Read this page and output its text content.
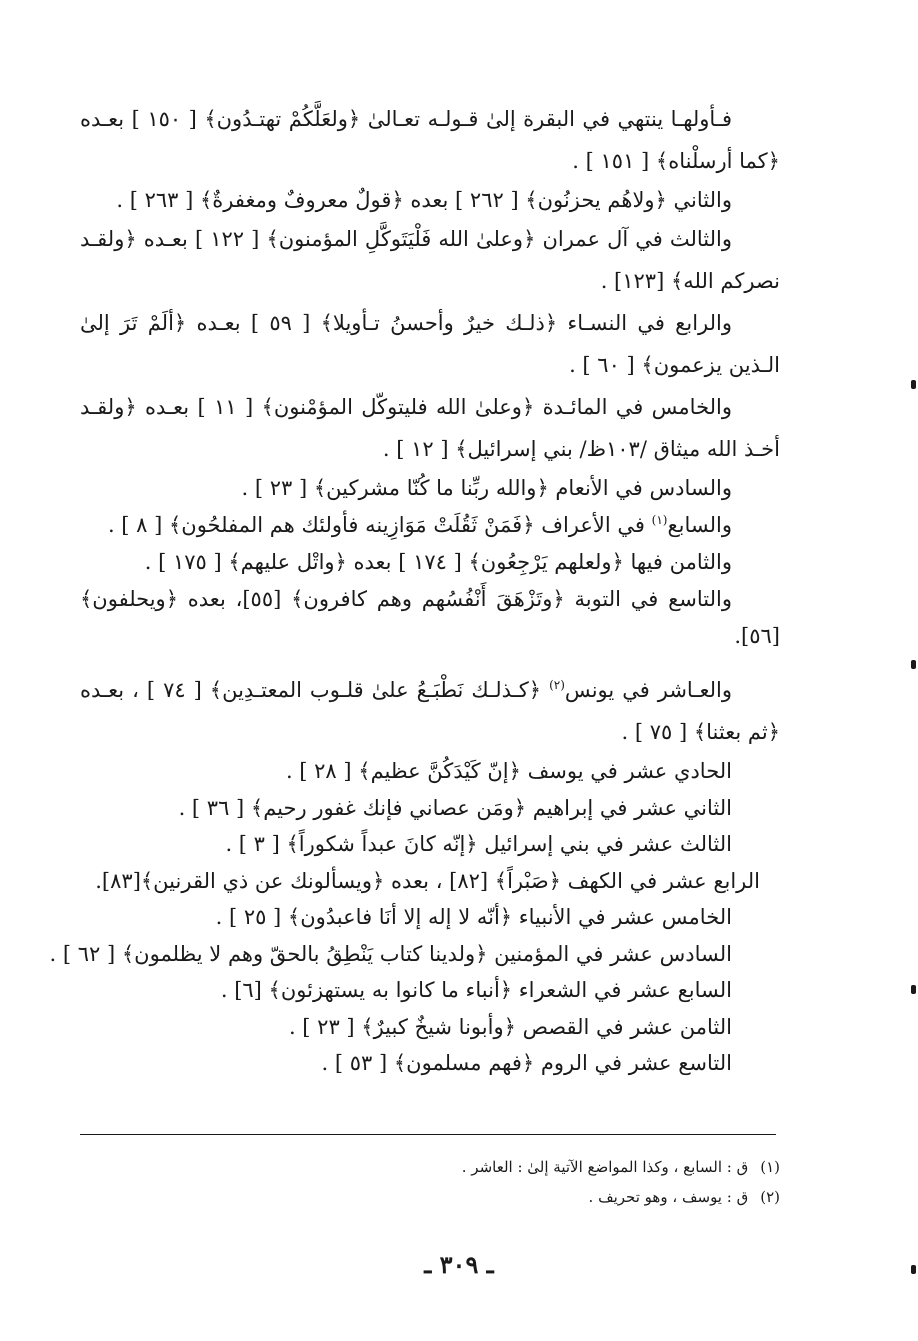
فـأولهـا ينتهي في البقرة إلىٰ قـولـه تعـالىٰ ﴿ولعَلَّكُمْ تهتـدُون﴾ [ ١٥٠ ] بعـده ﴿كما أرسلْناه﴾ [ ١٥١ ] .

والثاني ﴿ولاهُم يحزنُون﴾ [ ٢٦٢ ] بعده ﴿قولٌ معروفٌ ومغفرةٌ﴾ [ ٢٦٣ ] .

والثالث في آل عمران ﴿وعلىٰ الله فَلْيَتَوكَّلِ المؤمنون﴾ [ ١٢٢ ] بعـده ﴿ولقـد نصركم الله﴾ [١٢٣] .

والرابع في النسـاء ﴿ذلـك خيرٌ وأحسنُ تـأويلا﴾ [ ٥٩ ] بعـده ﴿ألَمْ تَرَ إلىٰ الـذين يزعمون﴾ [ ٦٠ ] .

والخامس في المائـدة ﴿وعلىٰ الله فليتوكّل المؤمْنون﴾ [ ١١ ] بعـده ﴿ولقـد أخـذ الله ميثاق /١٠٣ظ/ بني إسرائيل﴾ [ ١٢ ] .

والسادس في الأنعام ﴿والله ربِّنا ما كُنّا مشركين﴾ [ ٢٣ ] .

والسابع$^{(١)}$ في الأعراف ﴿فَمَنْ ثَقُلَتْ مَوَازِينه فأولئك هم المفلحُون﴾ [ ٨ ] .

والثامن فيها ﴿ولعلهم يَرْجِعُون﴾ [ ١٧٤ ] بعده ﴿واتْل عليهم﴾ [ ١٧٥ ] .

والتاسع في التوبة ﴿وتَزْهَقَ أَنْفُسُهم وهم كافرون﴾ [٥٥]، بعده ﴿ويحلفون﴾ [٥٦].

والعـاشر في يونس$^{(٢)}$ ﴿كـذلـك نَطْبَـعُ علىٰ قلـوب المعتـدِين﴾ [ ٧٤ ] ، بعـده ﴿ثم بعثنا﴾ [ ٧٥ ] .

الحادي عشر في يوسف ﴿إنّ كَيْدَكُنَّ عظيم﴾ [ ٢٨ ] .
الثاني عشر في إبراهيم ﴿ومَن عصاني فإنك غفور رحيم﴾ [ ٣٦ ] .
الثالث عشر في بني إسرائيل ﴿إنّه كانَ عبداً شكوراً﴾ [ ٣ ] .
الرابع عشر في الكهف ﴿صَبْراً﴾ [٨٢] ، بعده ﴿ويسألونك عن ذي القرنين﴾[٨٣].
الخامس عشر في الأنبياء ﴿أنّه لا إله إلا أنَا فاعبدُون﴾ [ ٢٥ ] .
السادس عشر في المؤمنين ﴿ولدينا كتاب يَنْطِقُ بالحقّ وهم لا يظلمون﴾ [ ٦٢ ] .
السابع عشر في الشعراء ﴿أنباء ما كانوا به يستهزئون﴾ [٦] .
الثامن عشر في القصص ﴿وأبونا شيخٌ كبيرٌ﴾ [ ٢٣ ] .
التاسع عشر في الروم ﴿فهم مسلمون﴾ [ ٥٣ ] .
(١)ق : السابع ، وكذا المواضع الآتية إلىٰ : العاشر .
(٢)ق : يوسف ، وهو تحريف .
ـ ٣٠٩ ـ
